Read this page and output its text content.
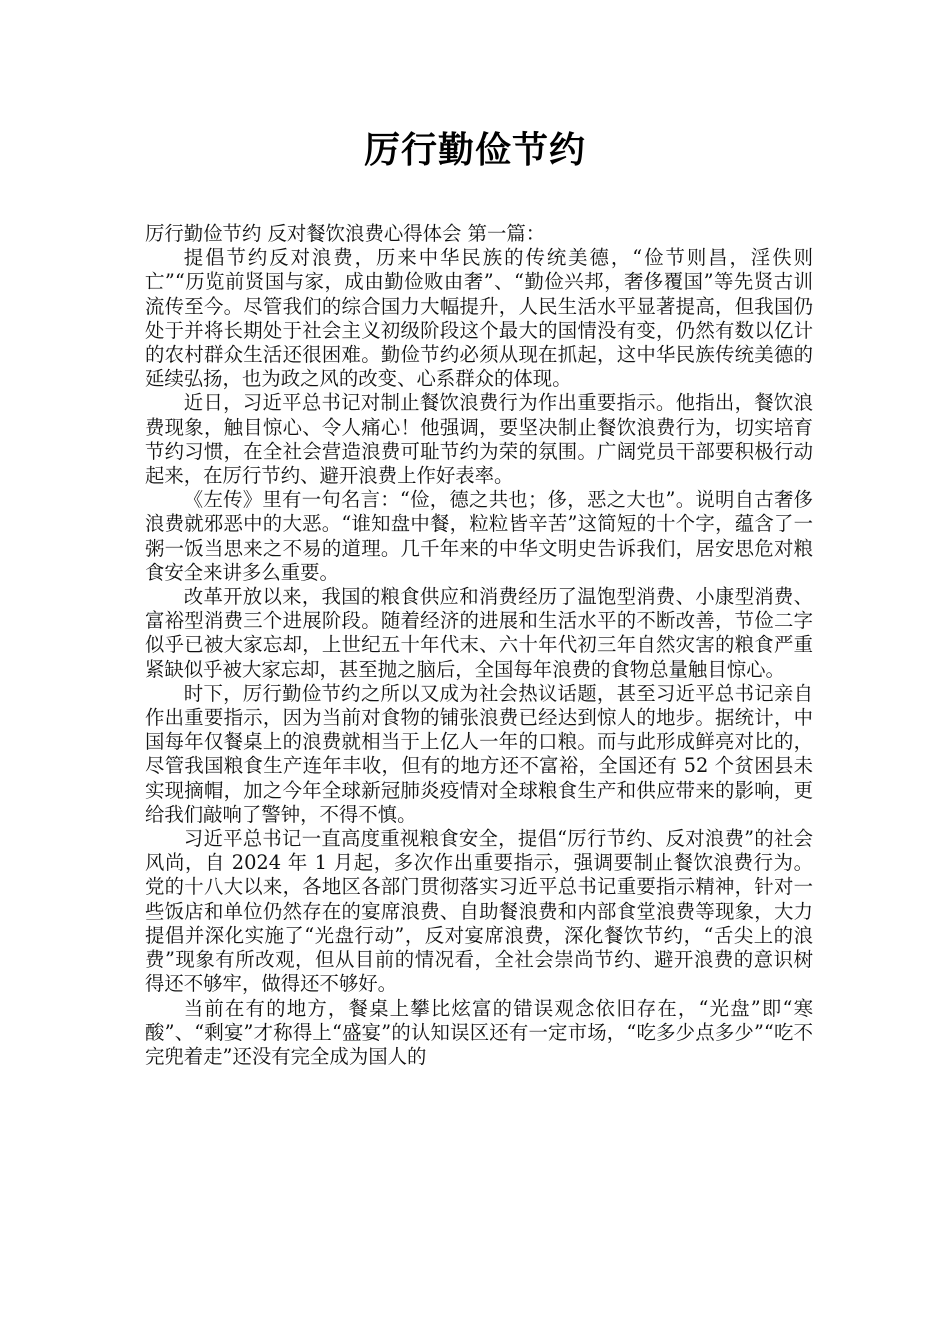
厉行勤俭节约

厉行勤俭节约 反对餐饮浪费心得体会 第一篇：

提倡节约反对浪费，历来中华民族的传统美德，“俭节则昌，淫佚则亡”“历览前贤国与家，成由勤俭败由奢”、“勤俭兴邦，奢侈覆国”等先贤古训流传至今。尽管我们的综合国力大幅提升，人民生活水平显著提高，但我国仍处于并将长期处于社会主义初级阶段这个最大的国情没有变，仍然有数以亿计的农村群众生活还很困难。勤俭节约必须从现在抓起，这中华民族传统美德的延续弘扬，也为政之风的改变、心系群众的体现。

近日，习近平总书记对制止餐饮浪费行为作出重要指示。他指出，餐饮浪费现象，触目惊心、令人痛心！他强调，要坚决制止餐饮浪费行为，切实培育节约习惯，在全社会营造浪费可耻节约为荣的氛围。广阔党员干部要积极行动起来，在厉行节约、避开浪费上作好表率。

《左传》里有一句名言：“俭，德之共也；侈，恶之大也”。说明自古奢侈浪费就邪恶中的大恶。“谁知盘中餐，粒粒皆辛苦”这简短的十个字，蕴含了一粥一饭当思来之不易的道理。几千年来的中华文明史告诉我们，居安思危对粮食安全来讲多么重要。

改革开放以来，我国的粮食供应和消费经历了温饱型消费、小康型消费、富裕型消费三个进展阶段。随着经济的进展和生活水平的不断改善，节俭二字似乎已被大家忘却，上世纪五十年代末、六十年代初三年自然灾害的粮食严重紧缺似乎被大家忘却，甚至抛之脑后，全国每年浪费的食物总量触目惊心。

时下，厉行勤俭节约之所以又成为社会热议话题，甚至习近平总书记亲自作出重要指示，因为当前对食物的铺张浪费已经达到惊人的地步。据统计，中国每年仅餐桌上的浪费就相当于上亿人一年的口粮。而与此形成鲜亮对比的，尽管我国粮食生产连年丰收，但有的地方还不富裕，全国还有 52 个贫困县未实现摘帽，加之今年全球新冠肺炎疫情对全球粮食生产和供应带来的影响，更给我们敲响了警钟，不得不慎。

习近平总书记一直高度重视粮食安全，提倡“厉行节约、反对浪费”的社会风尚，自 2024 年 1 月起，多次作出重要指示，强调要制止餐饮浪费行为。党的十八大以来，各地区各部门贯彻落实习近平总书记重要指示精神，针对一些饭店和单位仍然存在的宴席浪费、自助餐浪费和内部食堂浪费等现象，大力提倡并深化实施了“光盘行动”，反对宴席浪费，深化餐饮节约，“舌尖上的浪费”现象有所改观，但从目前的情况看，全社会崇尚节约、避开浪费的意识树得还不够牢，做得还不够好。

当前在有的地方，餐桌上攀比炫富的错误观念依旧存在，“光盘”即“寒酸”、“剩宴”才称得上“盛宴”的认知误区还有一定市场，“吃多少点多少”“吃不完兜着走”还没有完全成为国人的
